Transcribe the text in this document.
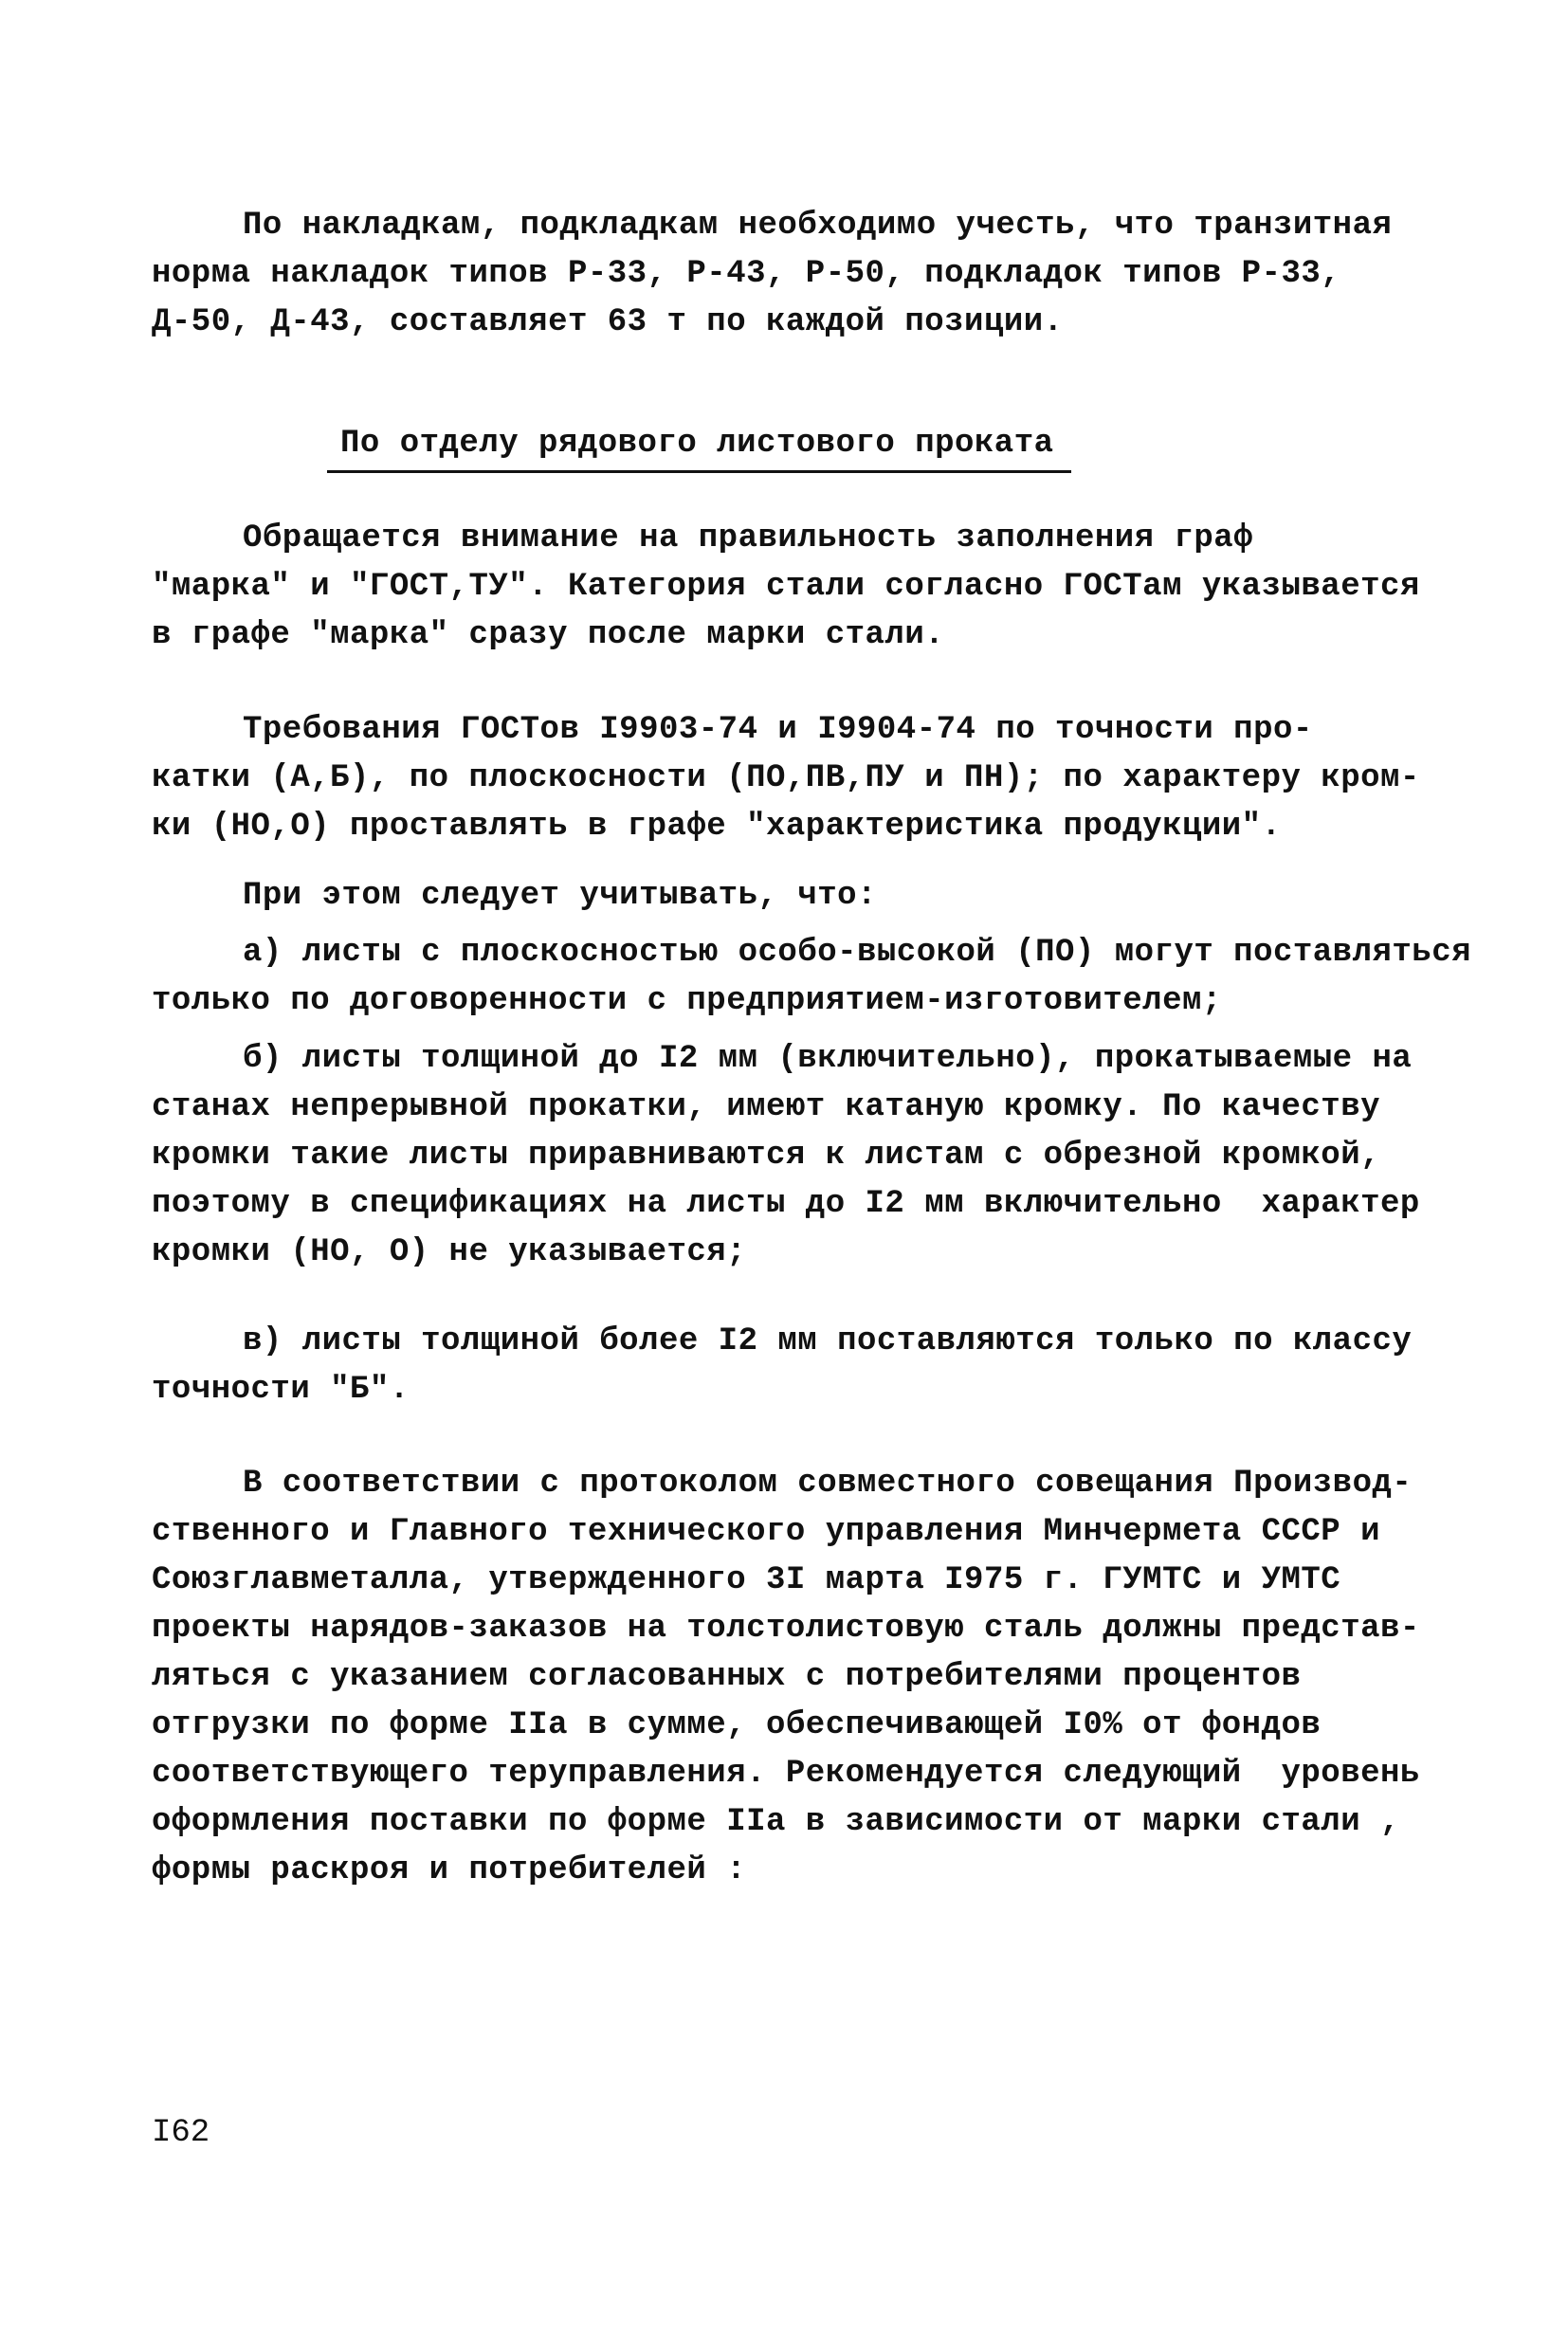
По накладкам, подкладкам необходимо учесть, что транзитная
норма накладок типов Р-33, Р-43, Р-50, подкладок типов Р-33,
Д-50, Д-43, составляет 63 т по каждой позиции.
По отделу рядового листового проката
Обращается внимание на правильность заполнения граф
"марка" и "ГОСТ,ТУ". Категория стали согласно ГОСТам указывается
в графе "марка" сразу после марки стали.
Требования ГОСТов I9903-74 и I9904-74 по точности про-
катки (А,Б), по плоскосности (ПО,ПВ,ПУ и ПН); по характеру кром-
ки (НО,О) проставлять в графе "характеристика продукции".
При этом следует учитывать, что:
а) листы с плоскосностью особо-высокой (ПО) могут поставляться
только по договоренности с предприятием-изготовителем;
б) листы толщиной до I2 мм (включительно), прокатываемые на
станах непрерывной прокатки, имеют катаную кромку. По качеству
кромки такие листы приравниваются к листам с обрезной кромкой,
поэтому в спецификациях на листы до I2 мм включительно  характер
кромки (НО, О) не указывается;
в) листы толщиной более I2 мм поставляются только по классу
точности "Б".
В соответствии с протоколом совместного совещания Производ-
ственного и Главного технического управления Минчермета СССР и
Союзглавметалла, утвержденного 3I марта I975 г. ГУМТС и УМТС
проекты нарядов-заказов на толстолистовую сталь должны представ-
ляться с указанием согласованных с потребителями процентов
отгрузки по форме IIа в сумме, обеспечивающей I0% от фондов
соответствующего теруправления. Рекомендуется следующий  уровень
оформления поставки по форме IIа в зависимости от марки стали ,
формы раскроя и потребителей :
I62
